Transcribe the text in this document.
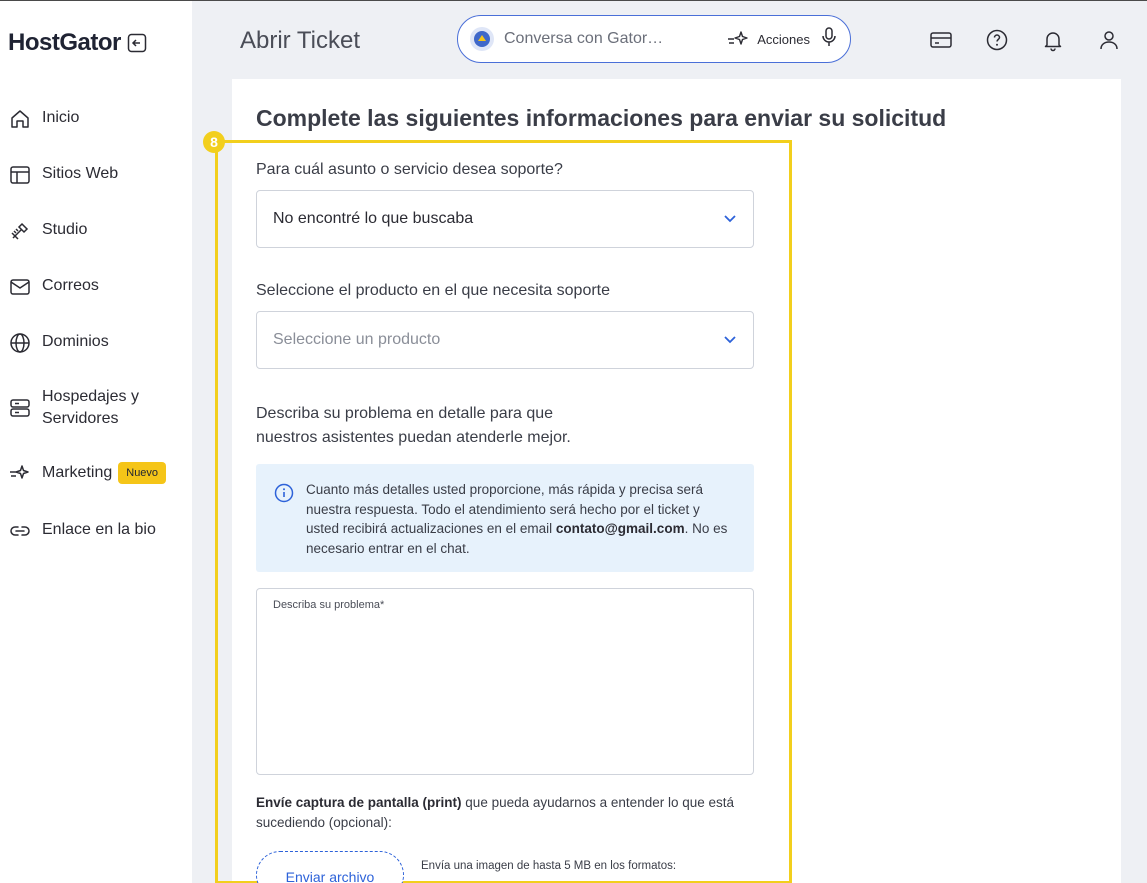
HostGator
Inicio
Sitios Web
Studio
Correos
Dominios
Hospedajes y Servidores
Marketing	Nuevo
Enlace en la bio
Abrir Ticket	Conversa con Gator…	Acciones
Complete las siguientes informaciones para enviar su solicitud
8
Para cuál asunto o servicio desea soporte?
No encontré lo que buscaba
Seleccione el producto en el que necesita soporte
Seleccione un producto
Describa su problema en detalle para que
nuestros asistentes puedan atenderle mejor.
Cuanto más detalles usted proporcione, más rápida y precisa será nuestra respuesta. Todo el atendimiento será hecho por el ticket y usted recibirá actualizaciones en el email contato@gmail.com. No es necesario entrar en el chat.
Describa su problema*
Envíe captura de pantalla (print) que pueda ayudarnos a entender lo que está sucediendo (opcional):
Enviar archivo
Envía una imagen de hasta 5 MB en los formatos:
